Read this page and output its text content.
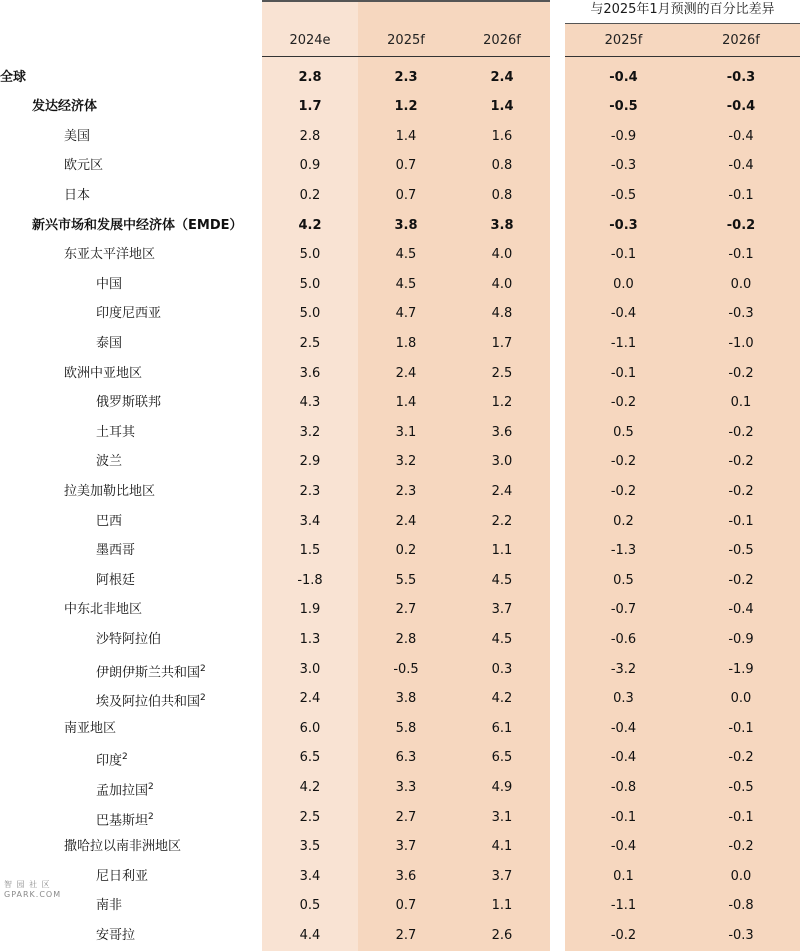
与2025年1月预测的百分比差异
2024e	2025f	2026f	2025f	2026f
全球	2.8	2.3	2.4	-0.4	-0.3
发达经济体	1.7	1.2	1.4	-0.5	-0.4
美国	2.8	1.4	1.6	-0.9	-0.4
欧元区	0.9	0.7	0.8	-0.3	-0.4
日本	0.2	0.7	0.8	-0.5	-0.1
新兴市场和发展中经济体（EMDE）	4.2	3.8	3.8	-0.3	-0.2
东亚太平洋地区	5.0	4.5	4.0	-0.1	-0.1
中国	5.0	4.5	4.0	0.0	0.0
印度尼西亚	5.0	4.7	4.8	-0.4	-0.3
泰国	2.5	1.8	1.7	-1.1	-1.0
欧洲中亚地区	3.6	2.4	2.5	-0.1	-0.2
俄罗斯联邦	4.3	1.4	1.2	-0.2	0.1
土耳其	3.2	3.1	3.6	0.5	-0.2
波兰	2.9	3.2	3.0	-0.2	-0.2
拉美加勒比地区	2.3	2.3	2.4	-0.2	-0.2
巴西	3.4	2.4	2.2	0.2	-0.1
墨西哥	1.5	0.2	1.1	-1.3	-0.5
阿根廷	-1.8	5.5	4.5	0.5	-0.2
中东北非地区	1.9	2.7	3.7	-0.7	-0.4
沙特阿拉伯	1.3	2.8	4.5	-0.6	-0.9
伊朗伊斯兰共和国$^2$	3.0	-0.5	0.3	-3.2	-1.9
埃及阿拉伯共和国$^2$	2.4	3.8	4.2	0.3	0.0
南亚地区	6.0	5.8	6.1	-0.4	-0.1
印度$^2$	6.5	6.3	6.5	-0.4	-0.2
孟加拉国$^2$	4.2	3.3	4.9	-0.8	-0.5
巴基斯坦$^2$	2.5	2.7	3.1	-0.1	-0.1
撒哈拉以南非洲地区	3.5	3.7	4.1	-0.4	-0.2
尼日利亚	3.4	3.6	3.7	0.1	0.0
南非	0.5	0.7	1.1	-1.1	-0.8
安哥拉	4.4	2.7	2.6	-0.2	-0.3
智 园 社 区
GPARK.COM
